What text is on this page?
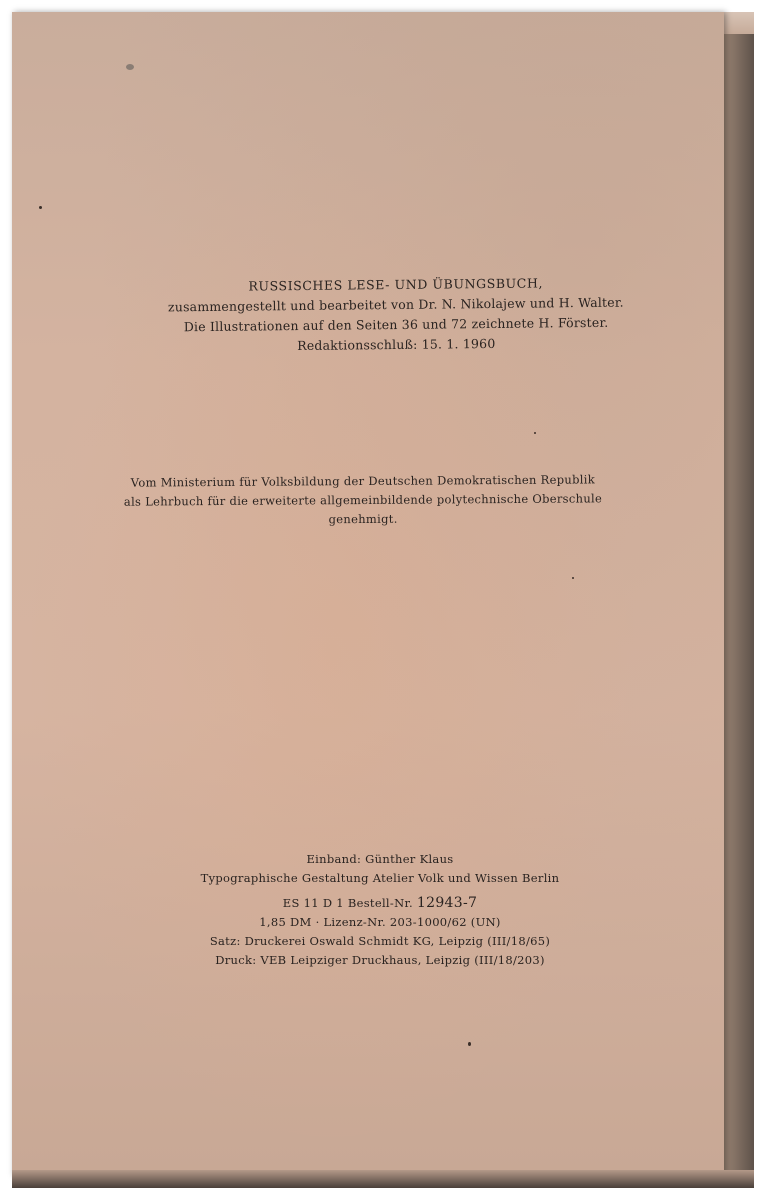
RUSSISCHES LESE- UND ÜBUNGSBUCH,
zusammengestellt und bearbeitet von Dr. N. Nikolajew und H. Walter.
Die Illustrationen auf den Seiten 36 und 72 zeichnete H. Förster.
Redaktionsschluß: 15. 1. 1960
Vom Ministerium für Volksbildung der Deutschen Demokratischen Republik
als Lehrbuch für die erweiterte allgemeinbildende polytechnische Oberschule
genehmigt.
Einband: Günther Klaus
Typographische Gestaltung Atelier Volk und Wissen Berlin
ES 11 D 1 Bestell-Nr. 12943-7
1,85 DM · Lizenz-Nr. 203-1000/62 (UN)
Satz: Druckerei Oswald Schmidt KG, Leipzig (III/18/65)
Druck: VEB Leipziger Druckhaus, Leipzig (III/18/203)
